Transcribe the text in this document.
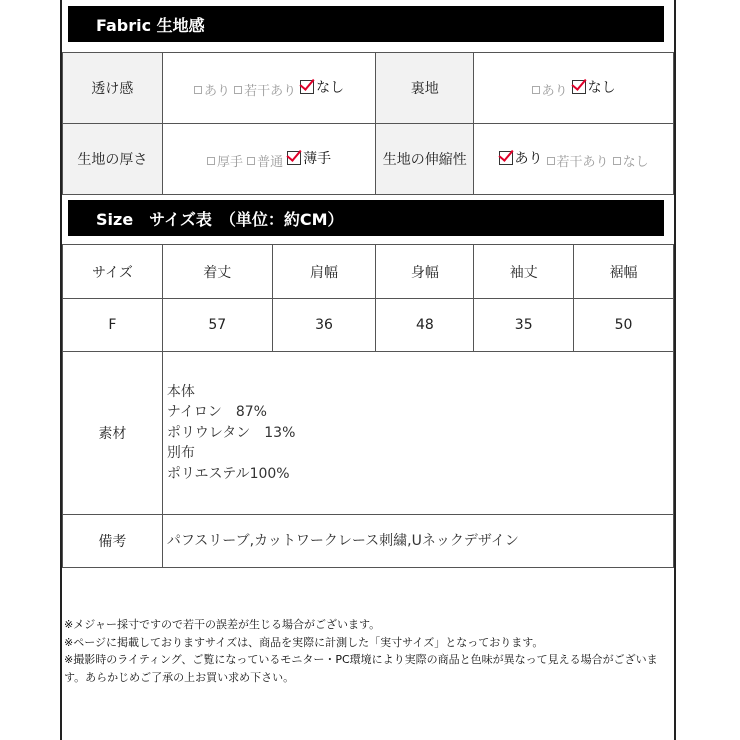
Fabric 生地感
透け感	あり 若干あり なし	裏地	あり なし

生地の厚さ	厚手 普通 薄手	生地の伸縮性	あり 若干あり なし
Size　サイズ表　（単位：約CM）
サイズ	着丈	肩幅	身幅	袖丈	裾幅
F	57	36	48	35	50
素材	本体
ナイロン　87%
ポリウレタン　13%
別布
ポリエステル100%				

備考	パフスリーブ,カットワークレース刺繍,Uネックデザイン				
※メジャー採寸ですので若干の誤差が生じる場合がございます。
※ページに掲載しておりますサイズは、商品を実際に計測した「実寸サイズ」となっております。
※撮影時のライティング、ご覧になっているモニター・PC環境により実際の商品と色味が異なって見える場合がございます。あらかじめご了承の上お買い求め下さい。
